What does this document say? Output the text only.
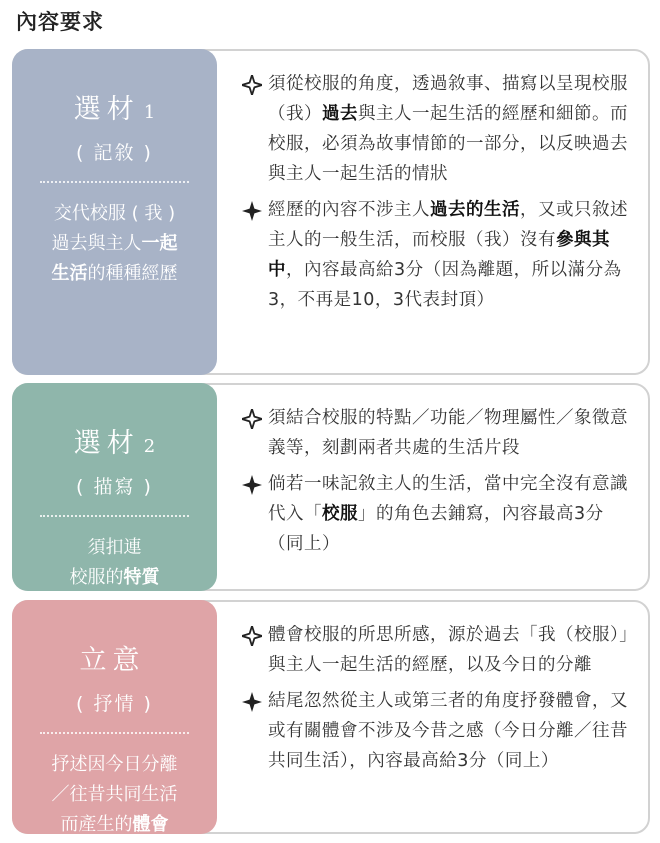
內容要求
選材 1
( 記敘 )
交代校服 ( 我 )
過去與主人一起
生活的種種經歷
須從校服的角度，透過敘事、描寫以呈現校服（我）過去與主人一起生活的經歷和細節。而校服，必須為故事情節的一部分，以反映過去與主人一起生活的情狀
經歷的內容不涉主人過去的生活，又或只敘述主人的一般生活，而校服（我）沒有參與其中，內容最高給3分（因為離題，所以滿分為3，不再是10，3代表封頂）
選材 2
( 描寫 )
須扣連
校服的特質
須結合校服的特點／功能／物理屬性／象徵意義等，刻劃兩者共處的生活片段
倘若一味記敘主人的生活，當中完全沒有意識代入「校服」的角色去鋪寫，內容最高3分（同上）
立意
( 抒情 )
抒述因今日分離
／往昔共同生活
而產生的體會
體會校服的所思所感，源於過去「我（校服）」與主人一起生活的經歷，以及今日的分離
結尾忽然從主人或第三者的角度抒發體會，又或有關體會不涉及今昔之感（今日分離／往昔共同生活），內容最高給3分（同上）
